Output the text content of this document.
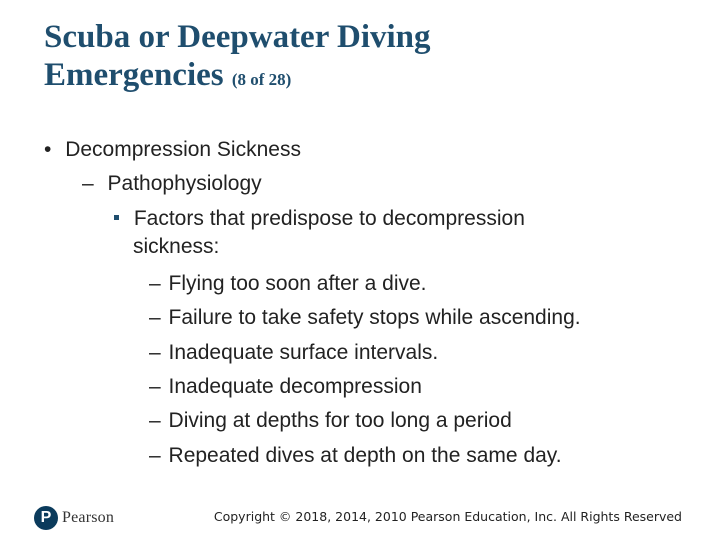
Scuba or Deepwater Diving
Emergencies (8 of 28)
• Decompression Sickness
– Pathophysiology
Factors that predispose to decompression
sickness:
– Flying too soon after a dive.
– Failure to take safety stops while ascending.
– Inadequate surface intervals.
– Inadequate decompression
– Diving at depths for too long a period
– Repeated dives at depth on the same day.
P Pearson	Copyright © 2018, 2014, 2010 Pearson Education, Inc. All Rights Reserved
